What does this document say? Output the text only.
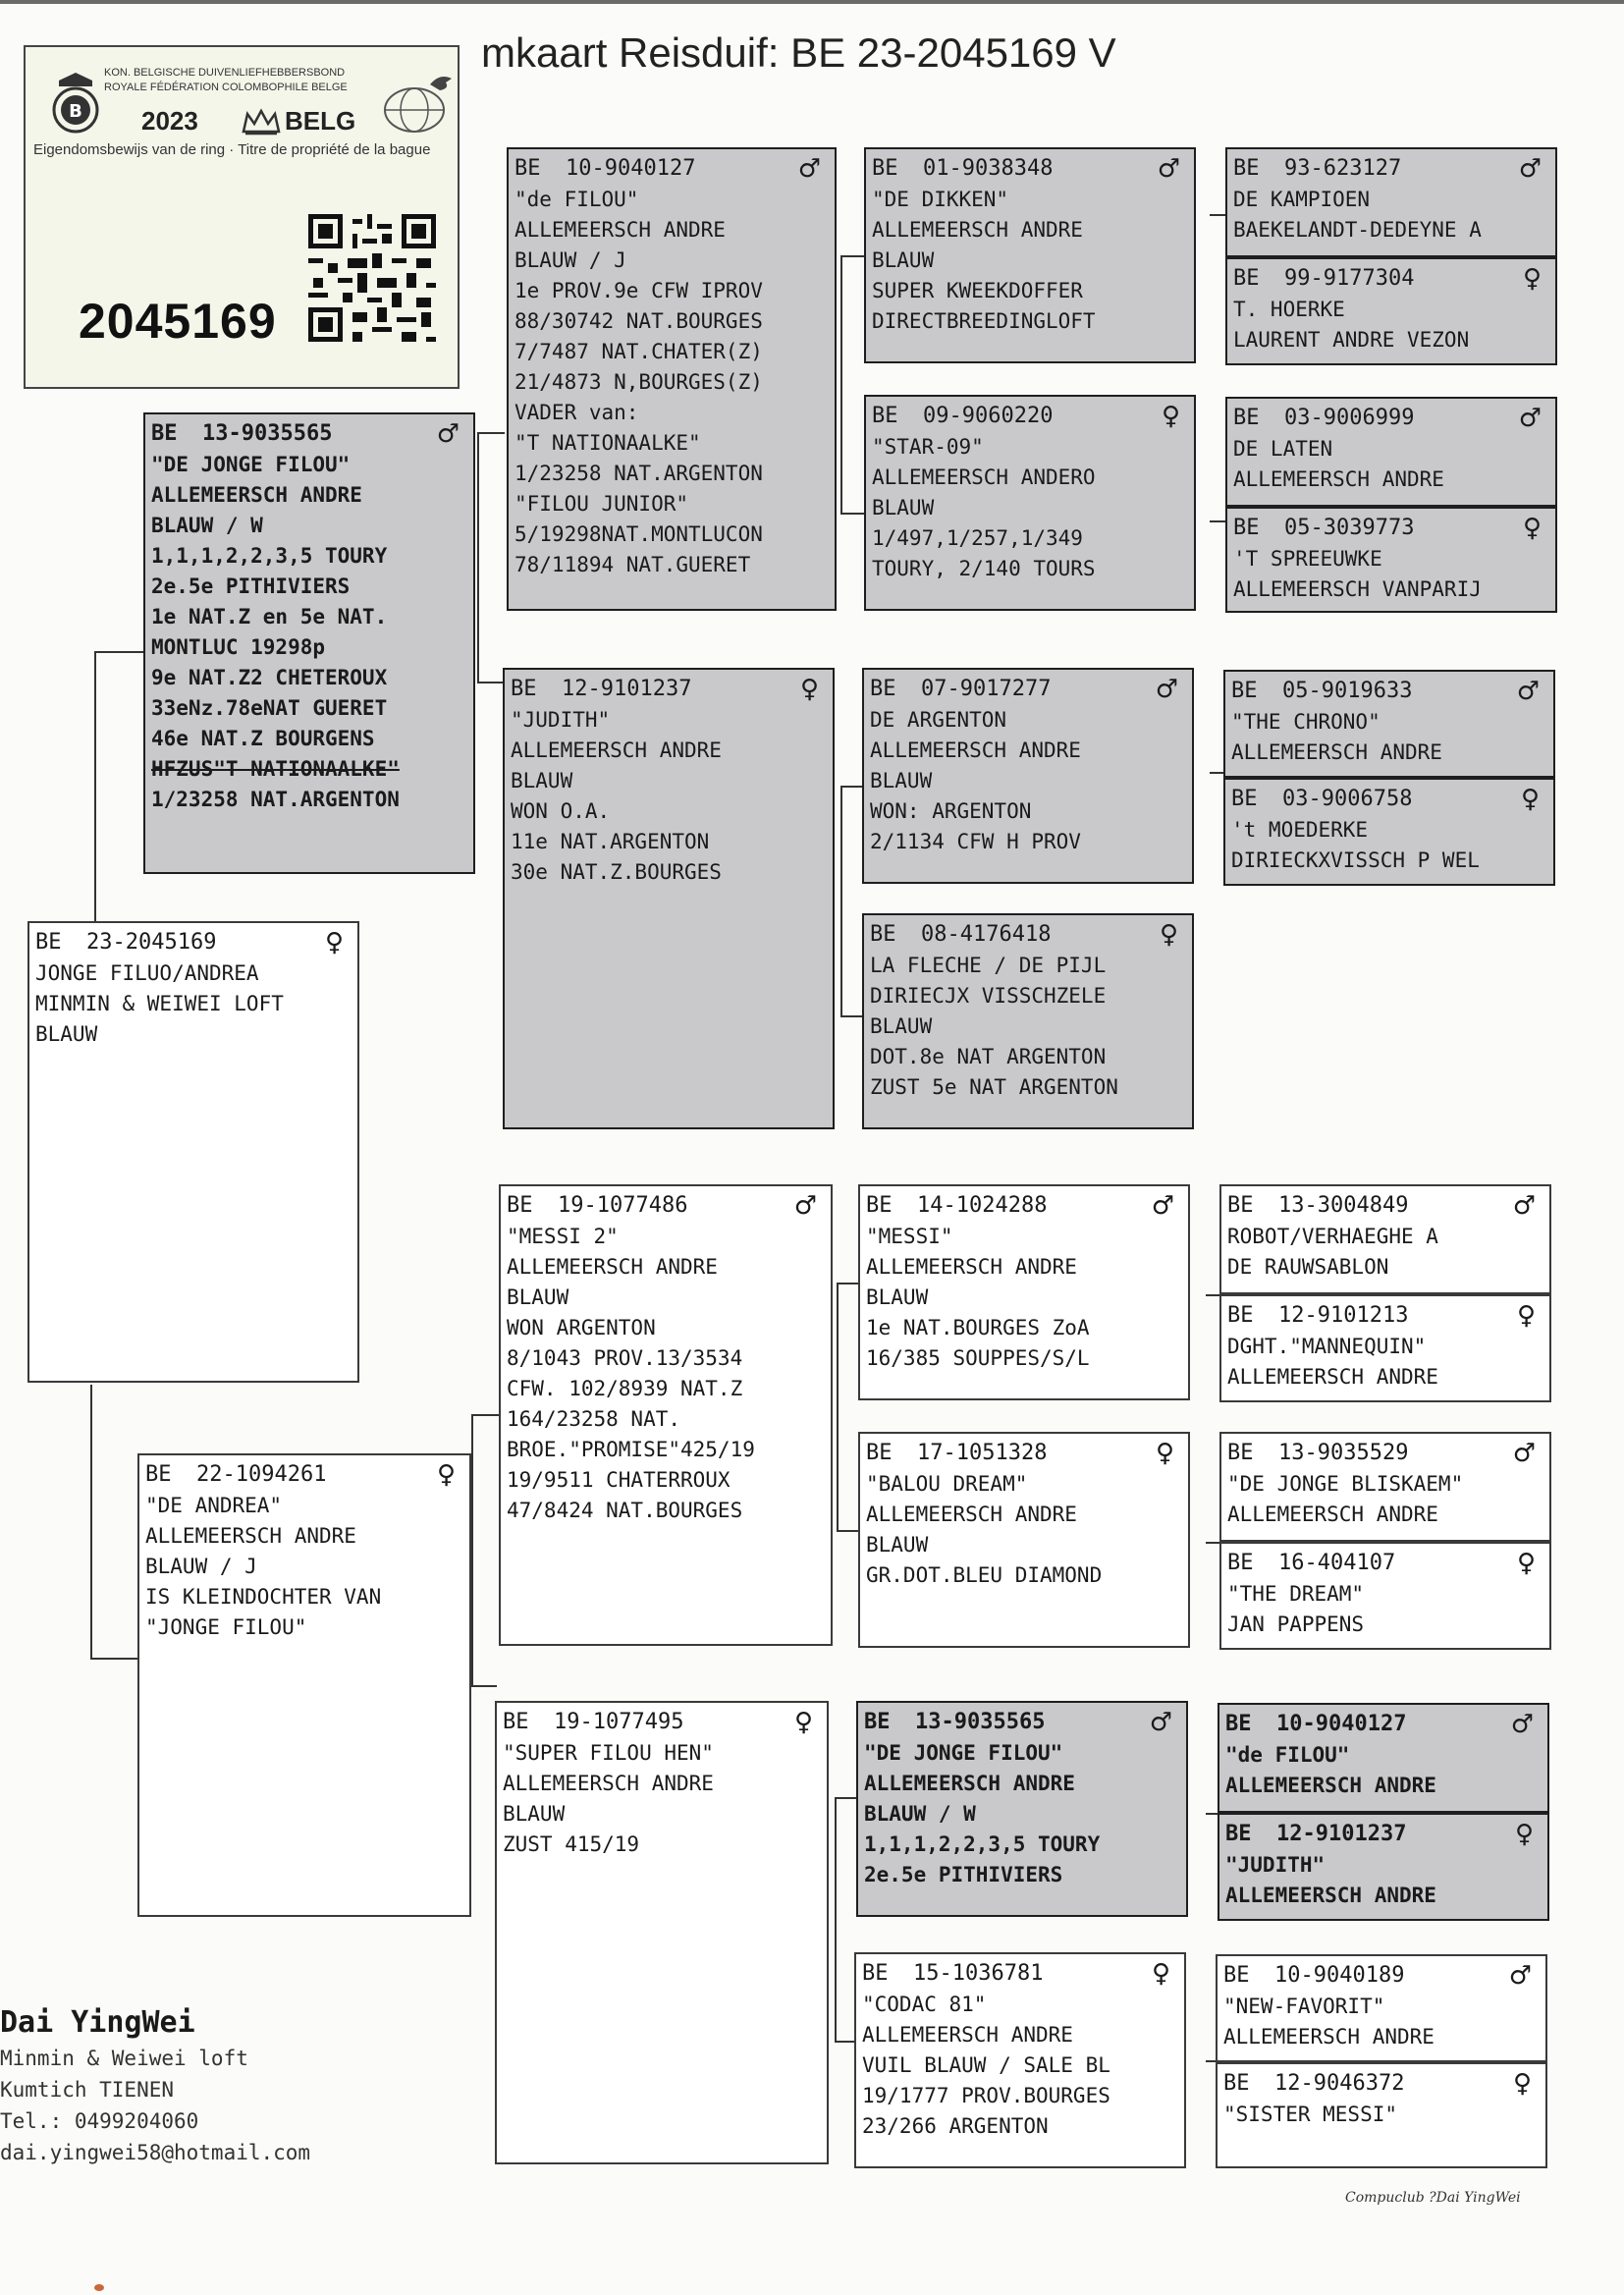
mkaart Reisduif: BE 23-2045169 V
B
KON. BELGISCHE DUIVENLIEFHEBBERSBOND
ROYALE FÉDÉRATION COLOMBOPHILE BELGE
2023	BELG
Eigendomsbewijs van de ring · Titre de propriété de la bague
2045169
BE	23-2045169	♀
JONGE FILUO/ANDREA
MINMIN & WEIWEI LOFT
BLAUW
BE	13-9035565	♂
"DE JONGE FILOU"
ALLEMEERSCH ANDRE
BLAUW / W
1,1,1,2,2,3,5 TOURY
2e.5e PITHIVIERS
1e NAT.Z en 5e NAT.
MONTLUC 19298p
9e NAT.Z2 CHETEROUX
33eNz.78eNAT GUERET
46e NAT.Z BOURGENS
HFZUS"T NATIONAALKE"
1/23258 NAT.ARGENTON
BE	22-1094261	♀
"DE ANDREA"
ALLEMEERSCH ANDRE
BLAUW / J
IS KLEINDOCHTER VAN
"JONGE FILOU"
BE	10-9040127	♂
"de FILOU"
ALLEMEERSCH ANDRE
BLAUW / J
1e PROV.9e CFW IPROV
88/30742 NAT.BOURGES
7/7487 NAT.CHATER(Z)
21/4873 N,BOURGES(Z)
VADER van:
"T NATIONAALKE"
1/23258 NAT.ARGENTON
"FILOU JUNIOR"
5/19298NAT.MONTLUCON
78/11894 NAT.GUERET
BE	12-9101237	♀
"JUDITH"
ALLEMEERSCH ANDRE
BLAUW
WON O.A.
11e NAT.ARGENTON
30e NAT.Z.BOURGES
BE	19-1077486	♂
"MESSI 2"
ALLEMEERSCH ANDRE
BLAUW
WON ARGENTON
8/1043 PROV.13/3534
CFW. 102/8939 NAT.Z
164/23258 NAT.
BROE."PROMISE"425/19
19/9511 CHATERROUX
47/8424 NAT.BOURGES
BE	19-1077495	♀
"SUPER FILOU HEN"
ALLEMEERSCH ANDRE
BLAUW
ZUST 415/19
BE	01-9038348	♂
"DE DIKKEN"
ALLEMEERSCH ANDRE
BLAUW
SUPER KWEEKDOFFER
DIRECTBREEDINGLOFT
BE	09-9060220	♀
"STAR-09"
ALLEMEERSCH ANDERO
BLAUW
1/497,1/257,1/349
TOURY, 2/140 TOURS
BE	07-9017277	♂
DE ARGENTON
ALLEMEERSCH ANDRE
BLAUW
WON: ARGENTON
2/1134 CFW H PROV
BE	08-4176418	♀
LA FLECHE / DE PIJL
DIRIECJX VISSCHZELE
BLAUW
DOT.8e NAT ARGENTON
ZUST 5e NAT ARGENTON
BE	14-1024288	♂
"MESSI"
ALLEMEERSCH ANDRE
BLAUW
1e NAT.BOURGES ZoA
16/385 SOUPPES/S/L
BE	17-1051328	♀
"BALOU DREAM"
ALLEMEERSCH ANDRE
BLAUW
GR.DOT.BLEU DIAMOND
BE	13-9035565	♂
"DE JONGE FILOU"
ALLEMEERSCH ANDRE
BLAUW / W
1,1,1,2,2,3,5 TOURY
2e.5e PITHIVIERS
BE	15-1036781	♀
"CODAC 81"
ALLEMEERSCH ANDRE
VUIL BLAUW / SALE BL
19/1777 PROV.BOURGES
23/266 ARGENTON
BE	93-623127	♂
DE KAMPIOEN
BAEKELANDT-DEDEYNE A
BE	99-9177304	♀
T. HOERKE
LAURENT ANDRE VEZON
BE	03-9006999	♂
DE LATEN
ALLEMEERSCH ANDRE
BE	05-3039773	♀
'T SPREEUWKE
ALLEMEERSCH VANPARIJ
BE	05-9019633	♂
"THE CHRONO"
ALLEMEERSCH ANDRE
BE	03-9006758	♀
't MOEDERKE
DIRIECKXVISSCH P WEL
BE	13-3004849	♂
ROBOT/VERHAEGHE A
DE RAUWSABLON
BE	12-9101213	♀
DGHT."MANNEQUIN"
ALLEMEERSCH ANDRE
BE	13-9035529	♂
"DE JONGE BLISKAEM"
ALLEMEERSCH ANDRE
BE	16-404107	♀
"THE DREAM"
JAN PAPPENS
BE	10-9040127	♂
"de FILOU"
ALLEMEERSCH ANDRE
BE	12-9101237	♀
"JUDITH"
ALLEMEERSCH ANDRE
BE	10-9040189	♂
"NEW-FAVORIT"
ALLEMEERSCH ANDRE
BE	12-9046372	♀
"SISTER MESSI"
Dai YingWei
Minmin & Weiwei loft
Kumtich TIENEN
Tel.: 0499204060
dai.yingwei58@hotmail.com
Compuclub ?Dai YingWei
